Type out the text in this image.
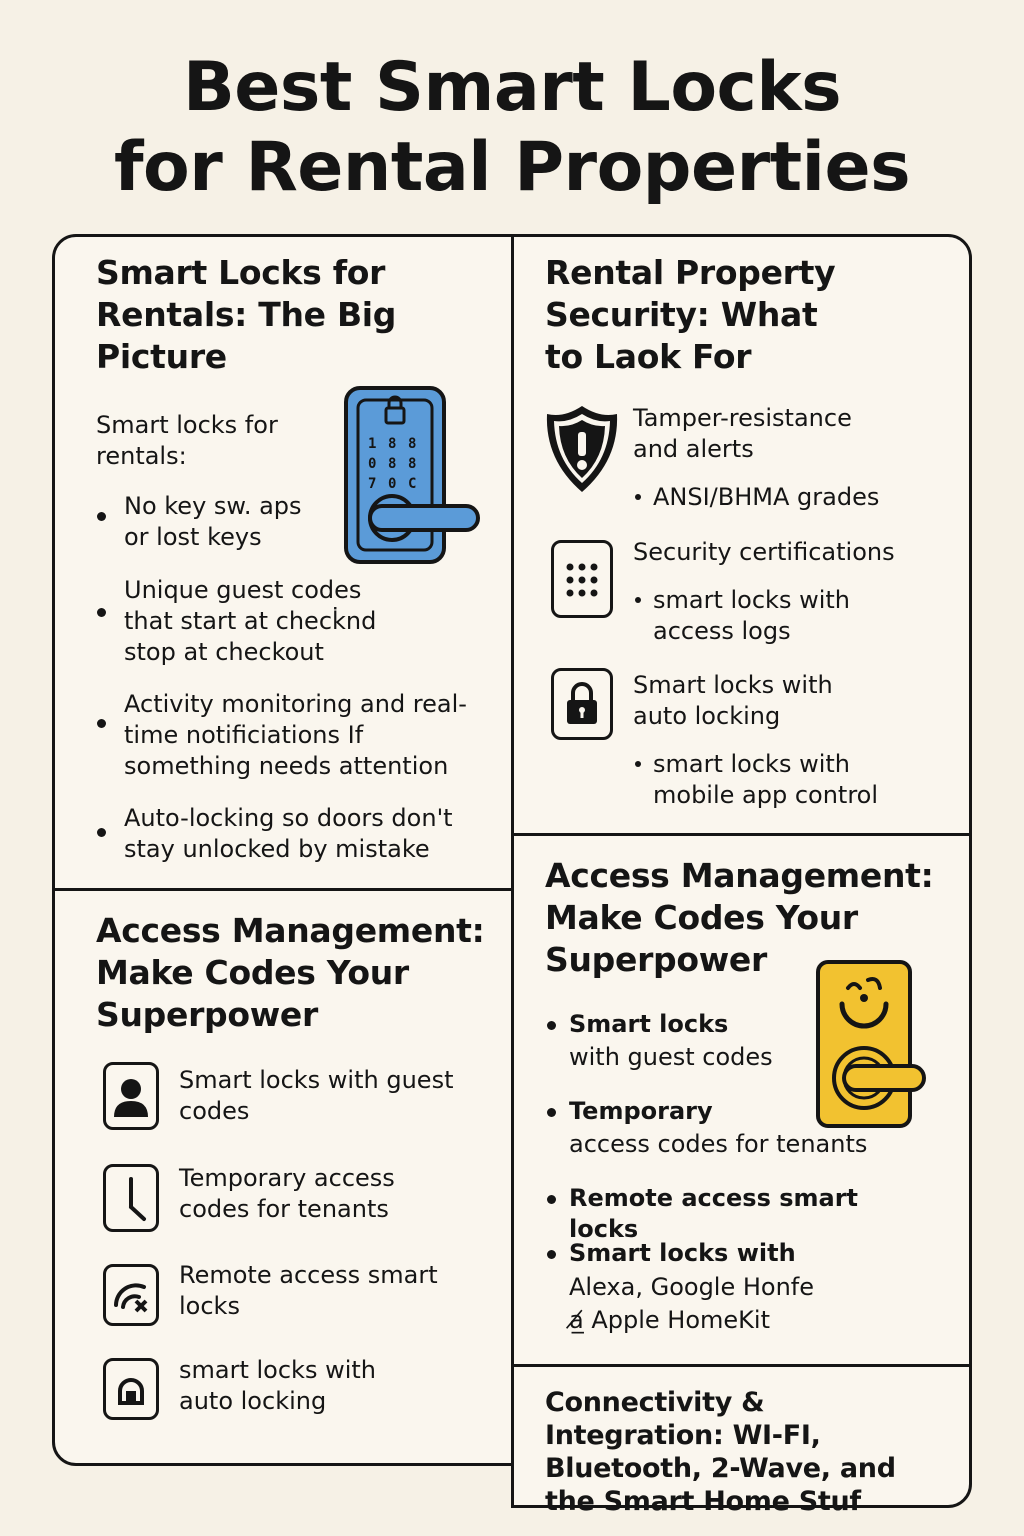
Best Smart Locks
for Rental Properties
Smart Locks for Rentals: The Big Picture
Smart locks for rentals:
No key sw. aps or lost keys
Unique guest codes that start at check̇nd stop at checkout
Activity monitoring and real-time notificiations If something needs attention
Auto-locking so doors don't stay unlocked by mistake
1 8 8
0 8 8
7 0 C
Access Management: Make Codes Your Superpower
Smart locks with guest codes
Temporary access codes for tenants
Remote access smart locks
smart locks with auto locking
Rental Property Security: What to Laok For
Tamper-resistance and alerts
ANSI/BHMA grades
Security certifications
smart locks with access logs
Smart locks with auto locking
smart locks with mobile app control
Access Management: Make Codes Your Superpower
Smart locks
with guest codes
Temporary
access codes for tenants
Remote access smart locks
Smart locks with
Alexa, Google Honfe
a̸̲ Apple HomeKit
Connectivity & Integration: WI-FI, Bluetooth, 2-Wave, and the Smart Home Stuf
